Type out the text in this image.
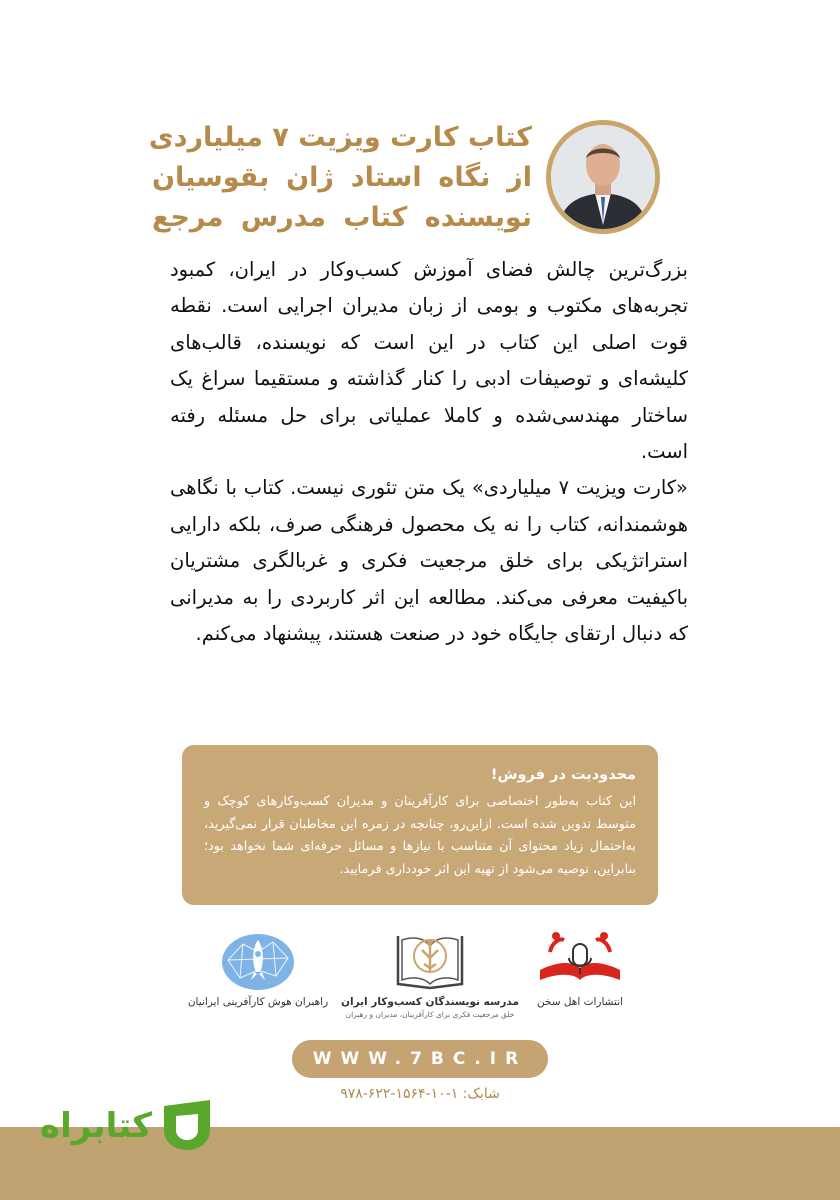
کتاب کارت ویزیت ۷ میلیاردی
از نگاه استاد ژان بقوسیان
نویسنده کتاب مدرس مرجع

بزرگ‌ترین چالش فضای آموزش کسب‌وکار در ایران، کمبود تجربه‌های مکتوب و بومی از زبان مدیران اجرایی است. نقطه قوت اصلی این کتاب در این است که نویسنده، قالب‌های کلیشه‌ای و توصیفات ادبی را کنار گذاشته و مستقیما سراغ یک ساختار مهندسی‌شده و کاملا عملیاتی برای حل مسئله رفته است.

«کارت ویزیت ۷ میلیاردی» یک متن تئوری نیست. کتاب با نگاهی هوشمندانه، کتاب را نه یک محصول فرهنگی صرف، بلکه دارایی استراتژیکی برای خلق مرجعیت فکری و غربالگری مشتریان باکیفیت معرفی می‌کند. مطالعه این اثر کاربردی را به مدیرانی که دنبال ارتقای جایگاه خود در صنعت هستند، پیشنهاد می‌کنم.

محدودیت در فروش!
این کتاب به‌طور اختصاصی برای کارآفرینان و مدیران کسب‌وکارهای کوچک و متوسط تدوین شده است. ازاین‌رو، چنانچه در زمره این مخاطبان قرار نمی‌گیرید، به‌احتمال زیاد محتوای آن متناسب با نیازها و مسائل حرفه‌ای شما نخواهد بود؛ بنابراین، توصیه می‌شود از تهیه این اثر خودداری فرمایید.
راهبران هوش کارآفرینی ایرانیان	مدرسه نویسندگان کسب‌وکار ایران
خلق مرجعیت فکری برای کارآفرینان، مدیران و رهبران
انتشارات اهل سخن
WWW.7BC.IR
شابک: ۱-۱۰-۱۵۶۴-۶۲۲-۹۷۸
کتابراه
